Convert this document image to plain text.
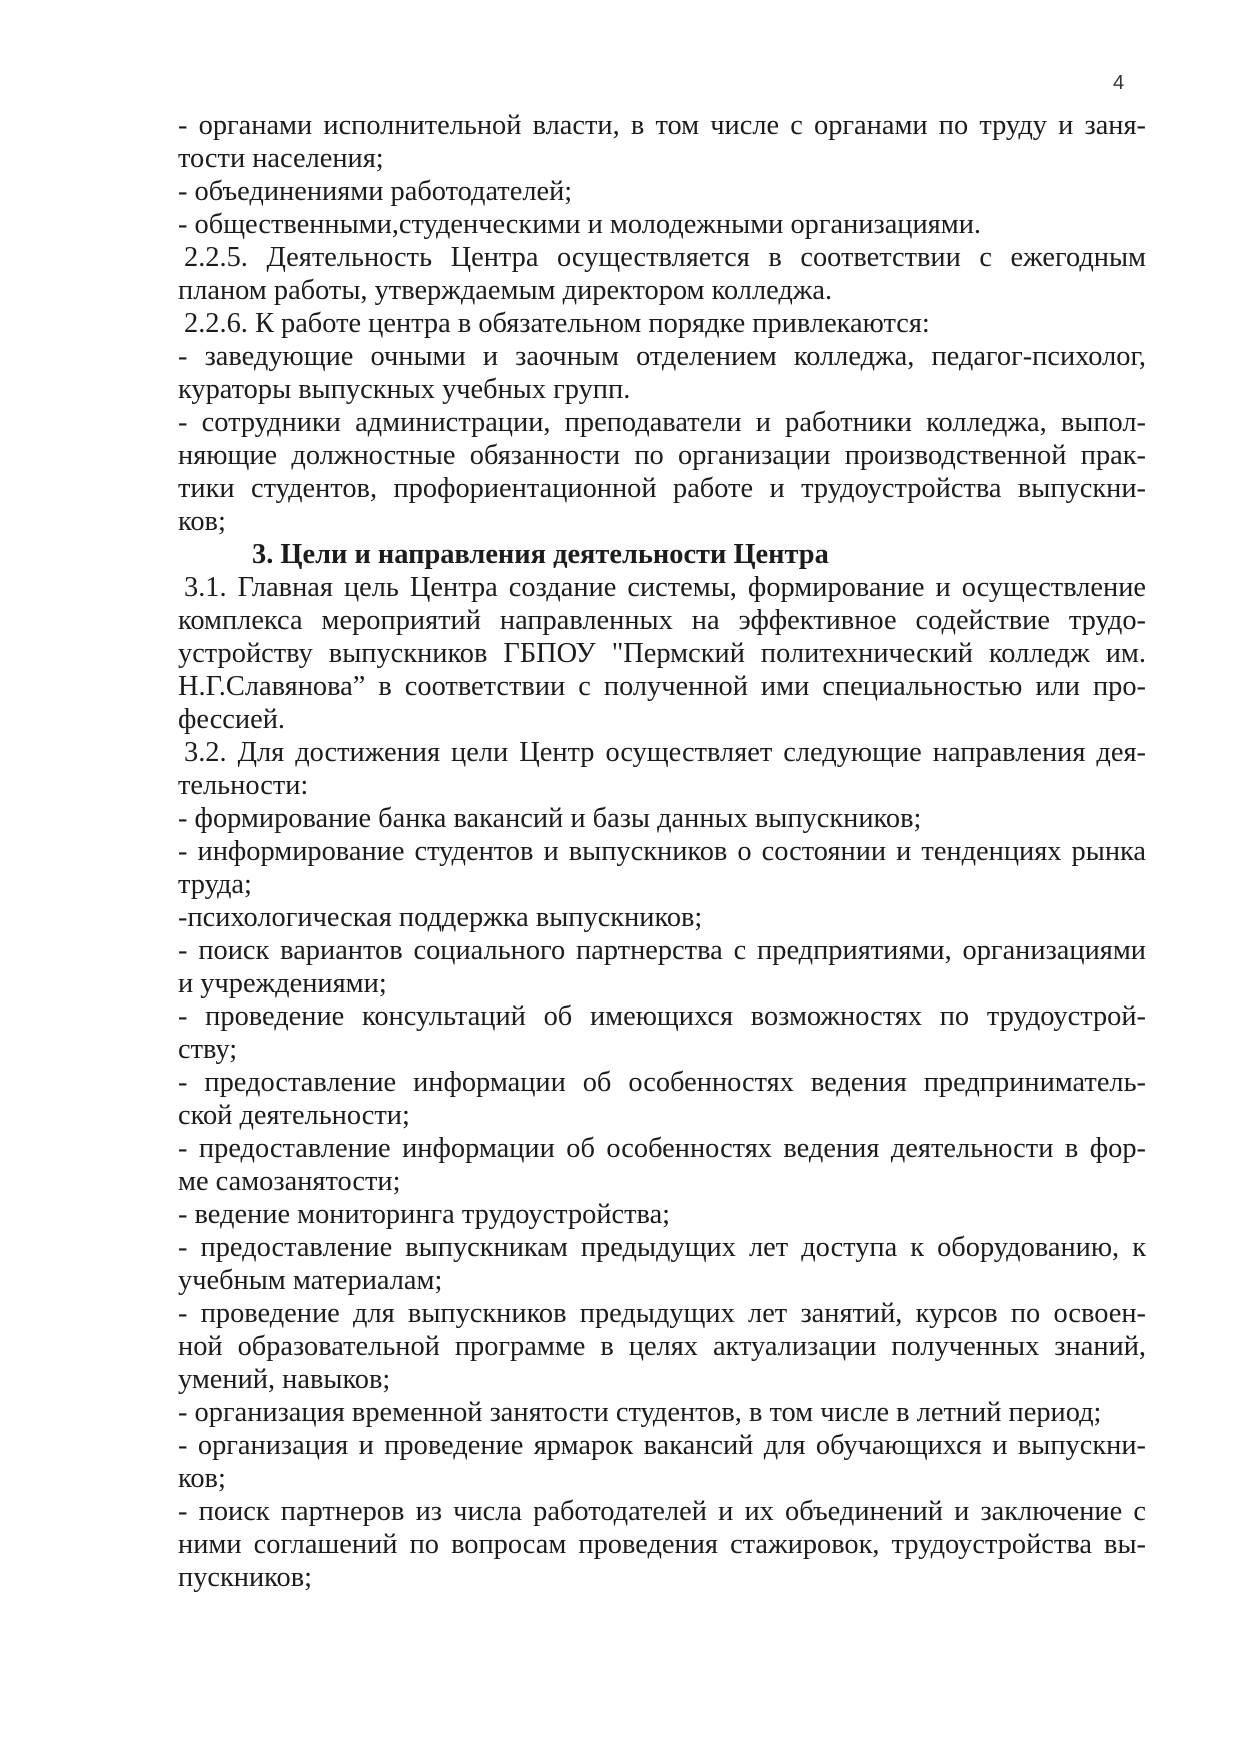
4
- органами исполнительной власти, в том числе с органами по труду и заня-
тости населения;
- объединениями работодателей;
- общественными,студенческими и молодежными организациями.
2.2.5. Деятельность Центра осуществляется в соответствии с ежегодным
планом работы, утверждаемым директором колледжа.
2.2.6. К работе центра в обязательном порядке привлекаются:
- заведующие очными и заочным отделением колледжа, педагог-психолог,
кураторы выпускных учебных групп.
- сотрудники администрации, преподаватели и работники колледжа, выпол-
няющие должностные обязанности по организации производственной прак-
тики студентов, профориентационной работе и трудоустройства выпускни-
ков;
3. Цели и направления деятельности Центра
3.1. Главная цель Центра создание системы, формирование и осуществление
комплекса мероприятий направленных на эффективное содействие трудо-
устройству выпускников ГБПОУ "Пермский политехнический колледж им.
Н.Г.Славянова” в соответствии с полученной ими специальностью или про-
фессией.
3.2. Для достижения цели Центр осуществляет следующие направления дея-
тельности:
- формирование банка вакансий и базы данных выпускников;
- информирование студентов и выпускников о состоянии и тенденциях рынка
труда;
-психологическая поддержка выпускников;
- поиск вариантов социального партнерства с предприятиями, организациями
и учреждениями;
- проведение консультаций об имеющихся возможностях по трудоустрой-
ству;
- предоставление информации об особенностях ведения предприниматель-
ской деятельности;
- предоставление информации об особенностях ведения деятельности в фор-
ме самозанятости;
- ведение мониторинга трудоустройства;
- предоставление выпускникам предыдущих лет доступа к оборудованию, к
учебным материалам;
- проведение для выпускников предыдущих лет занятий, курсов по освоен-
ной образовательной программе в целях актуализации полученных знаний,
умений, навыков;
- организация временной занятости студентов, в том числе в летний период;
- организация и проведение ярмарок вакансий для обучающихся и выпускни-
ков;
- поиск партнеров из числа работодателей и их объединений и заключение с
ними соглашений по вопросам проведения стажировок, трудоустройства вы-
пускников;
